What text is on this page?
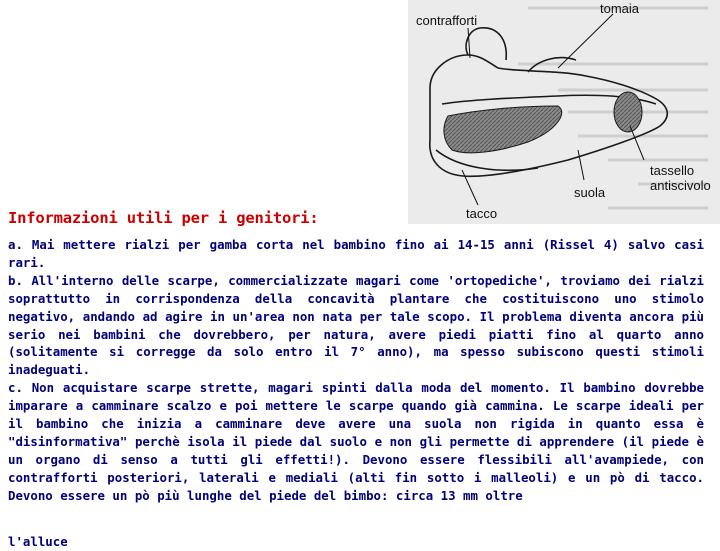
tomaia
contrafforti
tassello
antiscivolo
suola
tacco
Informazioni utili per i genitori:

a. Mai mettere rialzi per gamba corta nel bambino fino ai 14-15 anni (Rissel 4) salvo casi rari.

b. All'interno delle scarpe, commercializzate magari come 'ortopediche', troviamo dei rialzi soprattutto in corrispondenza della concavità plantare che costituiscono uno stimolo negativo, andando ad agire in un'area non nata per tale scopo. Il problema diventa ancora più serio nei bambini che dovrebbero, per natura, avere piedi piatti fino al quarto anno (solitamente si corregge da solo entro il 7° anno), ma spesso subiscono questi stimoli inadeguati.

c. Non acquistare scarpe strette, magari spinti dalla moda del momento. Il bambino dovrebbe imparare a camminare scalzo e poi mettere le scarpe quando già cammina. Le scarpe ideali per il bambino che inizia a camminare deve avere una suola non rigida in quanto essa è "disinformativa" perchè isola il piede dal suolo e non gli permette di apprendere (il piede è un organo di senso a tutti gli effetti!). Devono essere flessibili all'avampiede, con contrafforti posteriori, laterali e mediali (alti fin sotto i malleoli) e un pò di tacco. Devono essere un pò più lunghe del piede del bimbo: circa 13 mm oltre

l'alluce
